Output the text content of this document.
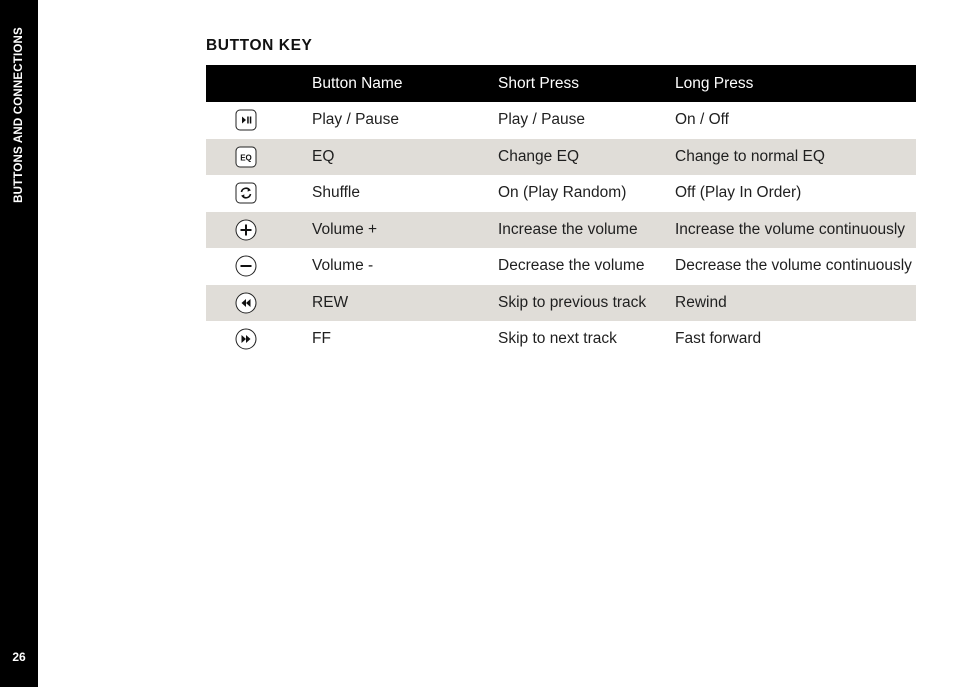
BUTTONS AND CONNECTIONS
26
BUTTON KEY
	Button Name	Short Press	Long Press

	Play / Pause	Play / Pause	On / Off

EQ	EQ	Change EQ	Change to normal EQ

	Shuffle	On (Play Random)	Off (Play In Order)

	Volume +	Increase the volume	Increase the volume continuously

	Volume -	Decrease the volume	Decrease the volume continuously

	REW	Skip to previous track	Rewind

	FF	Skip to next track	Fast forward
